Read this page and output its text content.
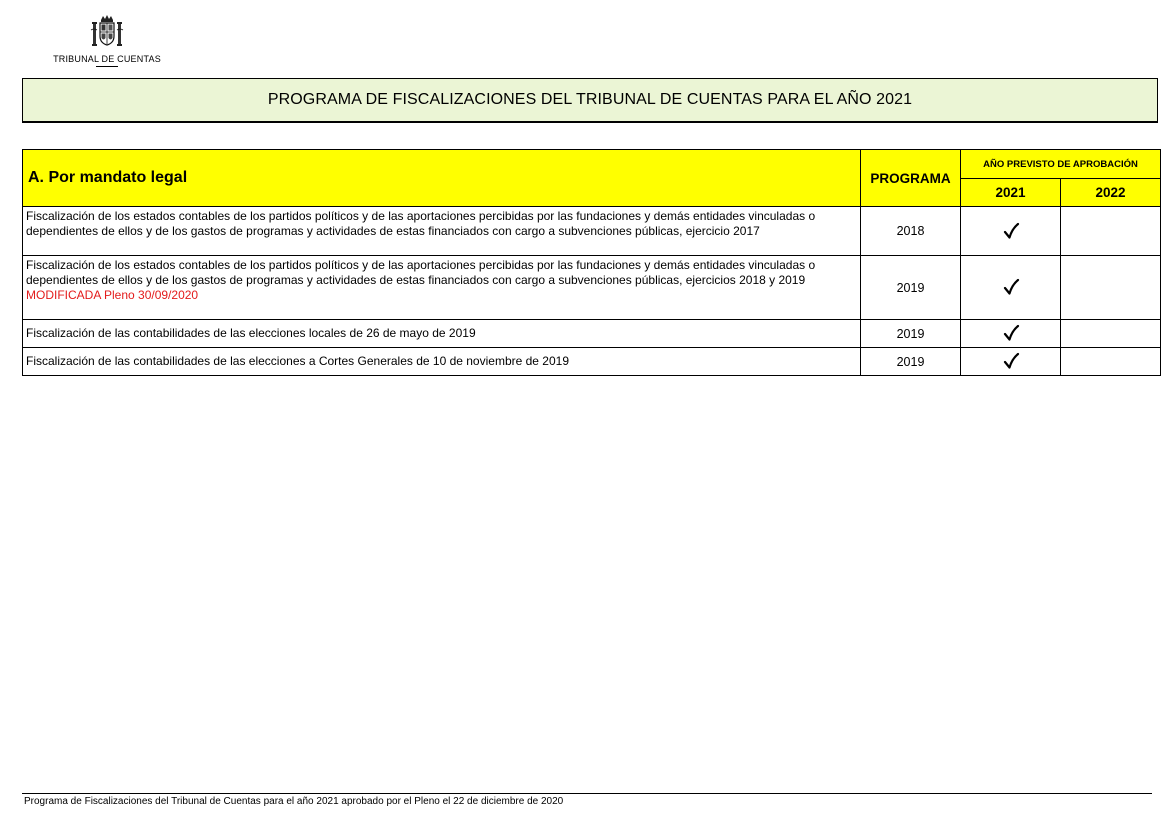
TRIBUNAL DE CUENTAS
PROGRAMA DE FISCALIZACIONES DEL TRIBUNAL DE CUENTAS PARA EL AÑO 2021
A. Por mandato legal	PROGRAMA	AÑO PREVISTO DE APROBACIÓN	
		2021	2022
Fiscalización de los estados contables de los partidos políticos y de las aportaciones percibidas por las fundaciones y demás entidades vinculadas o dependientes de ellos y de los gastos de programas y actividades de estas financiados con cargo a subvenciones públicas, ejercicio 2017	2018		
Fiscalización de los estados contables de los partidos políticos y de las aportaciones percibidas por las fundaciones y demás entidades vinculadas o dependientes de ellos y de los gastos de programas y actividades de estas financiados con cargo a subvenciones públicas, ejercicios 2018 y 2019
MODIFICADA Pleno 30/09/2020	2019		
Fiscalización de las contabilidades de las elecciones locales de 26 de mayo de 2019	2019		
Fiscalización de las contabilidades de las elecciones a Cortes Generales de 10 de noviembre de 2019	2019		
Programa de Fiscalizaciones del Tribunal de Cuentas para el año 2021 aprobado por el Pleno el 22 de diciembre de 2020
